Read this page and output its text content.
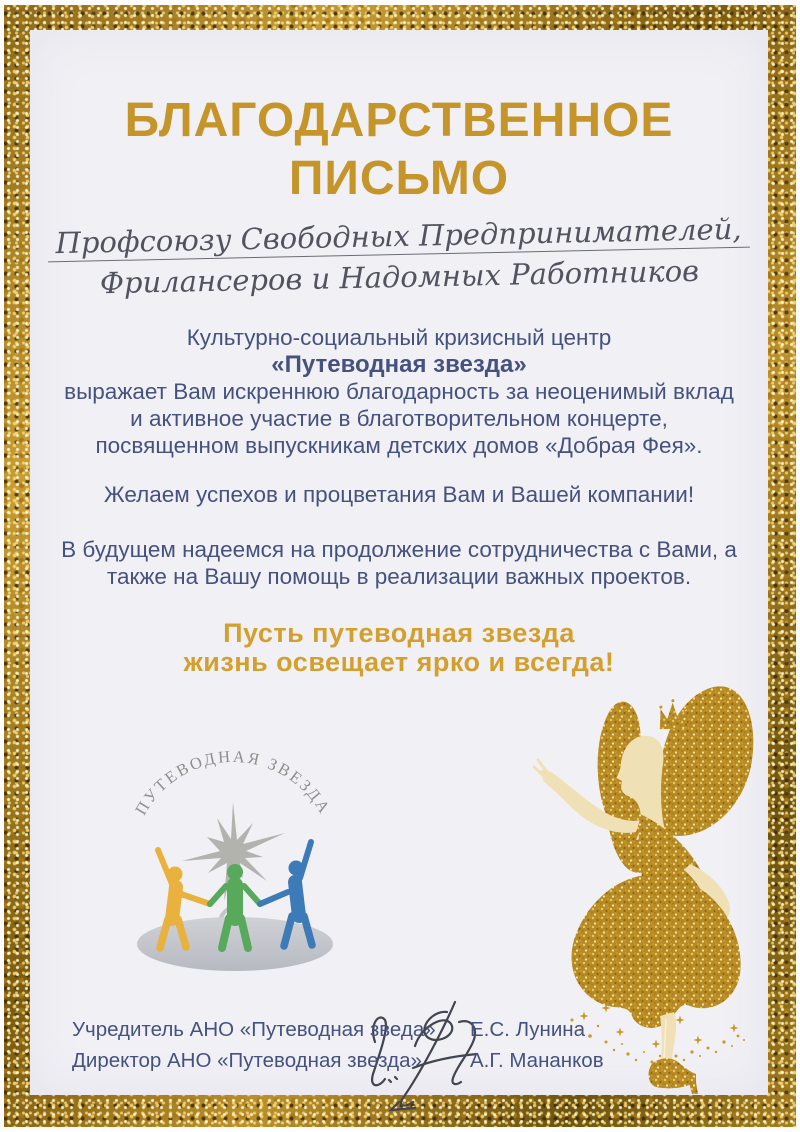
БЛАГОДАРСТВЕННОЕ
ПИСЬМО
Профсоюзу Свободных Предпринимателей,
Фрилансеров и Надомных Работников
Культурно-социальный кризисный центр
«Путеводная звезда»
выражает Вам искреннюю благодарность за неоценимый вклад
и активное участие в благотворительном концерте,
посвященном выпускникам детских домов «Добрая Фея».
Желаем успехов и процветания Вам и Вашей компании!
В будущем надеемся на продолжение сотрудничества с Вами, а
также на Вашу помощь в реализации важных проектов.
Пусть путеводная звезда
жизнь освещает ярко и всегда!
ПУТЕВОДНАЯ ЗВЕЗДА
Учредитель АНО «Путеводная зведа»
Директор АНО «Путеводная звезда»
Е.С. Лунина
А.Г. Мананков
